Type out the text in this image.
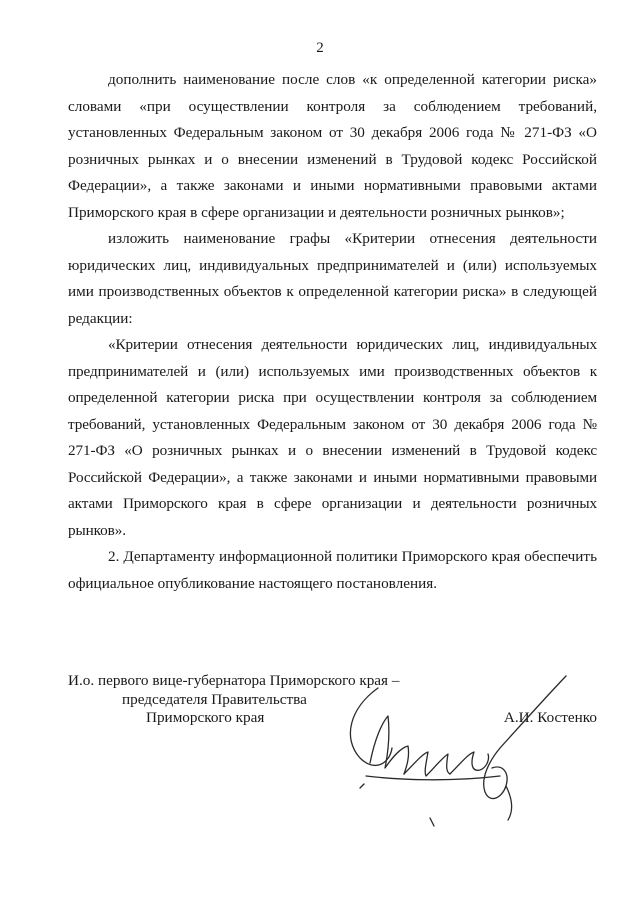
2

дополнить наименование после слов «к определенной категории риска» словами «при осуществлении контроля за соблюдением требований, установленных Федеральным законом от 30 декабря 2006 года № 271-ФЗ «О розничных рынках и о внесении изменений в Трудовой кодекс Российской Федерации», а также законами и иными нормативными правовыми актами Приморского края в сфере организации и деятельности розничных рынков»;

изложить наименование графы «Критерии отнесения деятельности юридических лиц, индивидуальных предпринимателей и (или) используемых ими производственных объектов к определенной категории риска» в следующей редакции:

«Критерии отнесения деятельности юридических лиц, индивидуальных предпринимателей и (или) используемых ими производственных объектов к определенной категории риска при осуществлении контроля за соблюдением требований, установленных Федеральным законом от 30 декабря 2006 года № 271-ФЗ «О розничных рынках и о внесении изменений в Трудовой кодекс Российской Федерации», а также законами и иными нормативными правовыми актами Приморского края в сфере организации и деятельности розничных рынков».

2. Департаменту информационной политики Приморского края обеспечить официальное опубликование настоящего постановления.

И.о. первого вице-губернатора Приморского края –
председателя Правительства
Приморского края	А.И. Костенко
